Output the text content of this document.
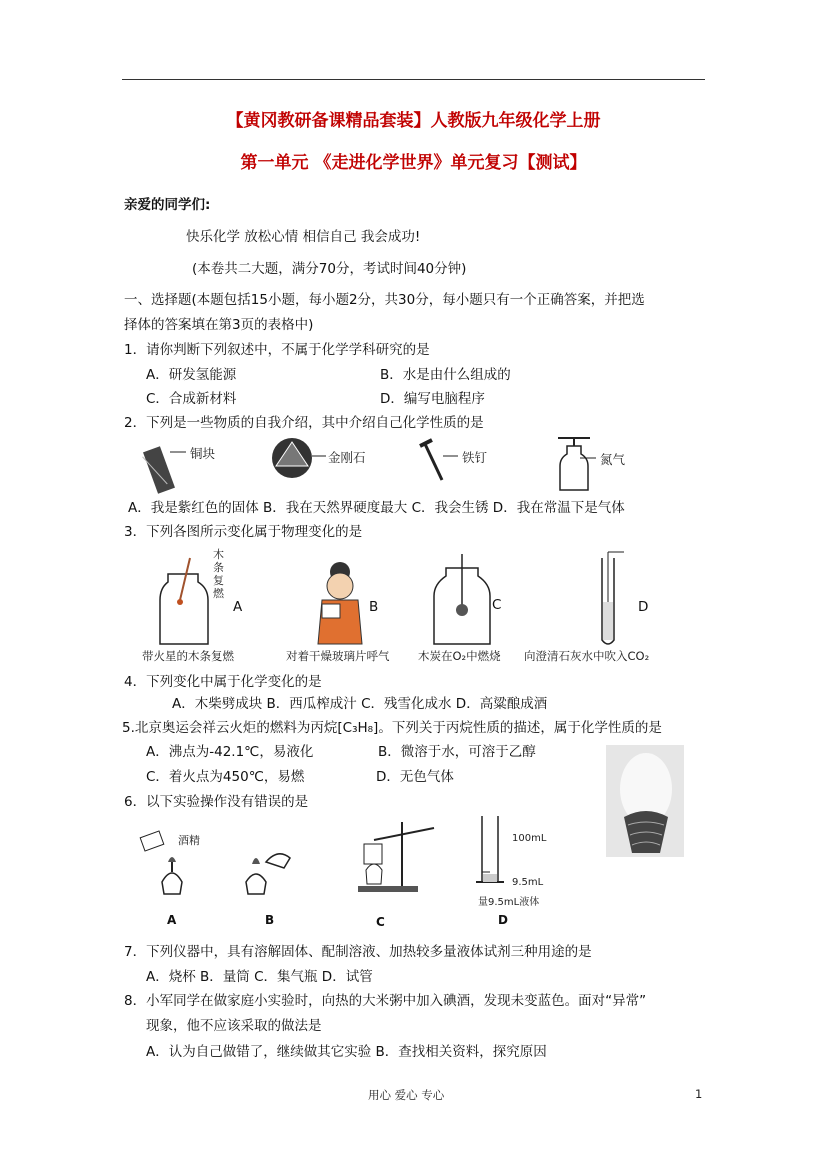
【黄冈教研备课精品套装】人教版九年级化学上册
第一单元 《走进化学世界》单元复习【测试】
亲爱的同学们:
快乐化学 放松心情 相信自己 我会成功!
(本卷共二大题，满分70分，考试时间40分钟)
一、选择题(本题包括15小题，每小题2分，共30分，每小题只有一个正确答案，并把选
择体的答案填在第3页的表格中)
1．请你判断下列叙述中，不属于化学学科研究的是
A．研发氢能源	B．水是由什么组成的
C．合成新材料	D．编写电脑程序
2．下列是一些物质的自我介绍，其中介绍自己化学性质的是
铜块	金刚石	铁钉	氮气
A．我是紫红色的固体 B．我在天然界硬度最大 C．我会生锈 D．我在常温下是气体
3．下列各图所示变化属于物理变化的是
木条复燃
A	B	C	D
带火星的木条复燃	对着干燥玻璃片呼气 木炭在O₂中燃烧 向澄清石灰水中吹入CO₂
4．下列变化中属于化学变化的是
A．木柴劈成块 B．西瓜榨成汁 C．残雪化成水 D．高粱酿成酒
5.北京奥运会祥云火炬的燃料为丙烷[C₃H₈]。下列关于丙烷性质的描述，属于化学性质的是
A．沸点为-42.1℃，易液化	B．微溶于水，可溶于乙醇
C．着火点为450℃，易燃	D．无色气体
6．以下实验操作没有错误的是
酒精	100mL
9.5mL
量9.5mL液体
A	B	C	D
7．下列仪器中，具有溶解固体、配制溶液、加热较多量液体试剂三种用途的是
A．烧杯 B．量筒 C．集气瓶 D．试管
8．小军同学在做家庭小实验时，向热的大米粥中加入碘酒，发现未变蓝色。面对“异常”
现象，他不应该采取的做法是
A．认为自己做错了，继续做其它实验 B．查找相关资料，探究原因
用心 爱心 专心	1
